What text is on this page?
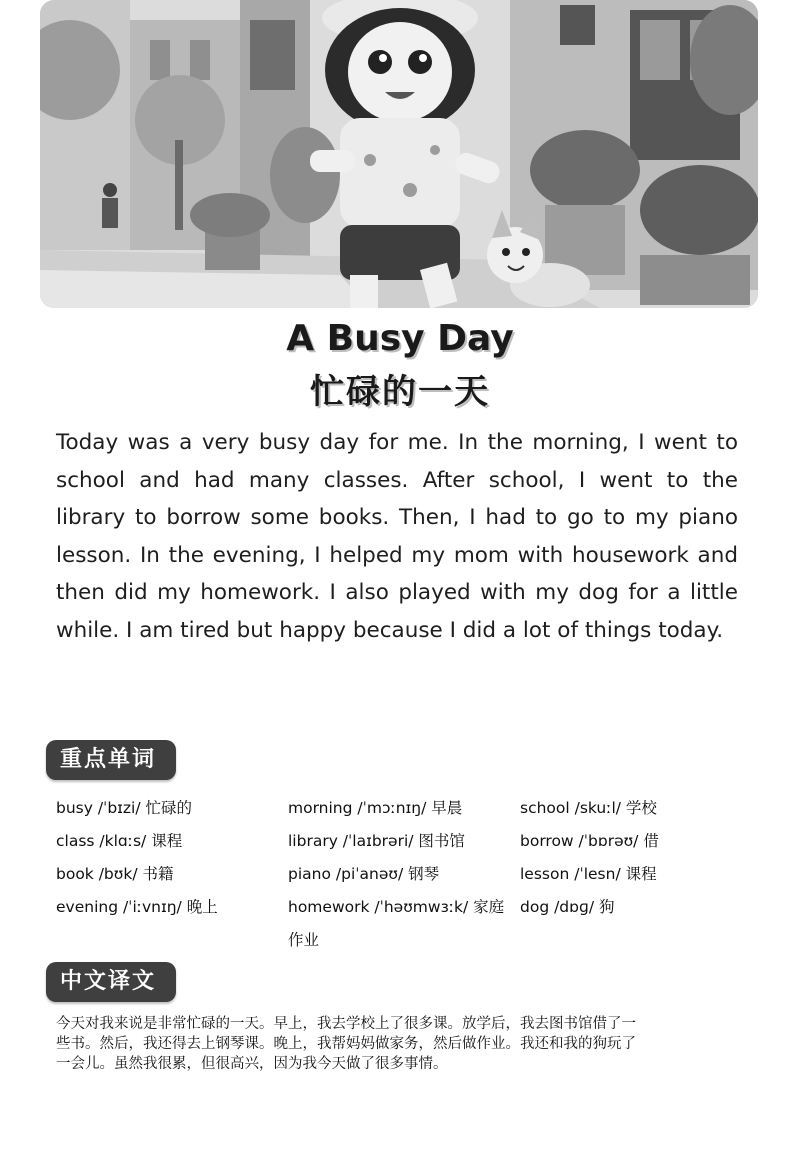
A Busy Day
忙碌的一天
Today was a very busy day for me. In the morning, I went to school and had many classes. After school, I went to the library to borrow some books. Then, I had to go to my piano lesson. In the evening, I helped my mom with housework and then did my homework. I also played with my dog for a little while. I am tired but happy because I did a lot of things today.
重点单词
busy /ˈbɪzi/ 忙碌的
class /klɑːs/ 课程
book /bʊk/ 书籍
evening /ˈiːvnɪŋ/ 晚上
morning /ˈmɔːnɪŋ/ 早晨
library /ˈlaɪbrəri/ 图书馆
piano /piˈanəʊ/ 钢琴
homework /ˈhəʊmwɜːk/ 家庭作业
school /skuːl/ 学校
borrow /ˈbɒrəʊ/ 借
lesson /ˈlesn/ 课程
dog /dɒɡ/ 狗
中文译文
今天对我来说是非常忙碌的一天。早上，我去学校上了很多课。放学后，我去图书馆借了一些书。然后，我还得去上钢琴课。晚上，我帮妈妈做家务，然后做作业。我还和我的狗玩了一会儿。虽然我很累，但很高兴，因为我今天做了很多事情。
